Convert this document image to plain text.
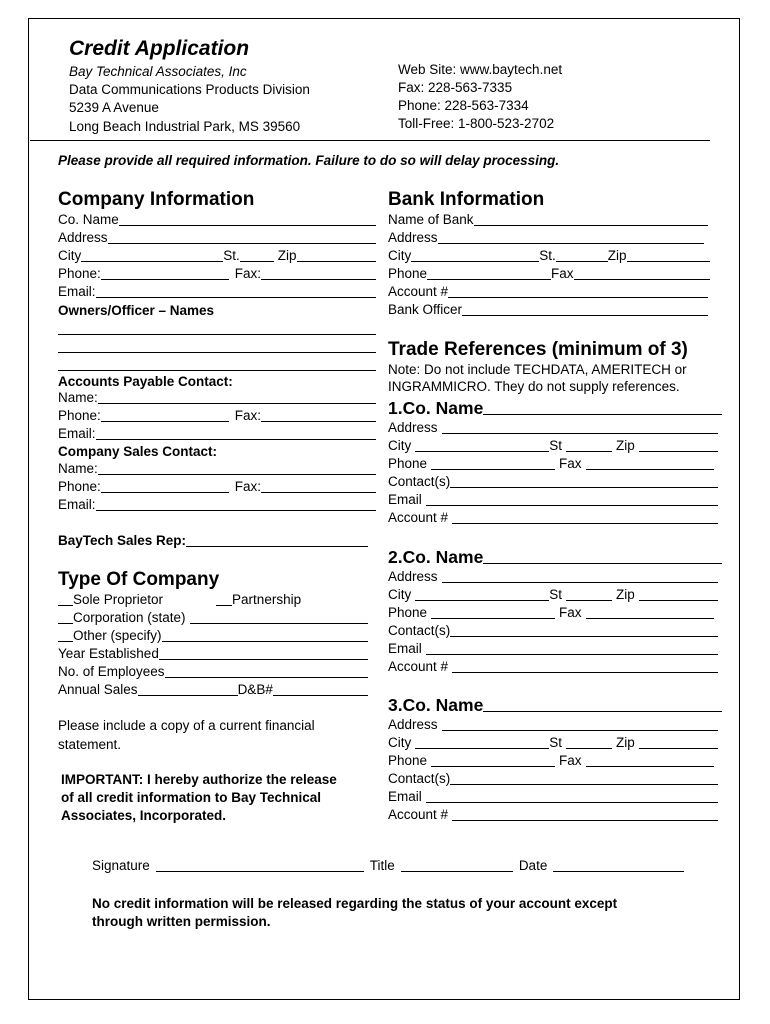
Credit Application
Bay Technical Associates, Inc
Data Communications Products Division
5239 A Avenue
Long Beach Industrial Park, MS 39560
Web Site: www.baytech.net
Fax: 228-563-7335
Phone: 228-563-7334
Toll-Free: 1-800-523-2702
Please provide all required information. Failure to do so will delay processing.
Company Information
Co. Name
Address
City	St.	Zip
Phone:	Fax:
Email:
Owners/Officer – Names
Accounts Payable Contact:
Name:
Phone:	Fax:
Email:
Company Sales Contact:
Name:
Phone:	Fax:
Email:
BayTech Sales Rep:
Type Of Company
Sole Proprietor	Partnership
Corporation (state)
Other (specify)
Year Established
No. of Employees
Annual Sales	D&B#
Please include a copy of a current financial
statement.
IMPORTANT: I hereby authorize the release
of all credit information to Bay Technical
Associates, Incorporated.
Bank Information
Name of Bank
Address
City	St.	Zip
Phone	Fax
Account #
Bank Officer
Trade References (minimum of 3)
Note: Do not include TECHDATA, AMERITECH or
INGRAMMICRO. They do not supply references.
1.Co. Name
Address
City	St	Zip
Phone	Fax
Contact(s)
Email
Account #
2.Co. Name
Address
City	St	Zip
Phone	Fax
Contact(s)
Email
Account #
3.Co. Name
Address
City	St	Zip
Phone	Fax
Contact(s)
Email
Account #
Signature	Title	Date
No credit information will be released regarding the status of your account except
through written permission.
